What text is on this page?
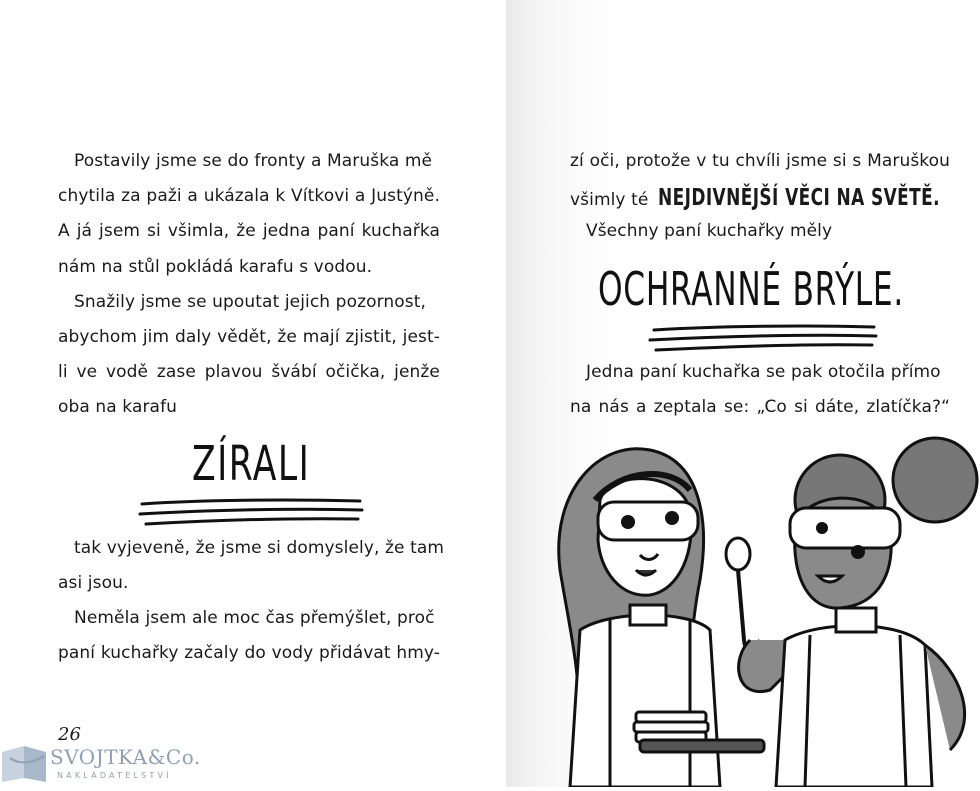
Postavily jsme se do fronty a Maruška mě
chytila za paži a ukázala k Vítkovi a Justýně.
A já jsem si všimla, že jedna paní kuchařka
nám na stůl pokládá karafu s vodou.
Snažily jsme se upoutat jejich pozornost,
abychom jim daly vědět, že mají zjistit, jest-
li ve vodě zase plavou švábí očička, jenže
oba na karafu
ZÍRALI
tak vyjeveně, že jsme si domyslely, že tam
asi jsou.
Neměla jsem ale moc čas přemýšlet, proč
paní kuchařky začaly do vody přidávat hmy-
26
SVOJTKA&Co.
NAKLADATELSTVÍ
zí oči, protože v tu chvíli jsme si s Maruškou
všimly té NEJDIVNĚJŠÍ VĚCI NA SVĚTĚ.
Všechny paní kuchařky měly
OCHRANNÉ BRÝLE.
Jedna paní kuchařka se pak otočila přímo
na nás a zeptala se: „Co si dáte, zlatíčka?“
